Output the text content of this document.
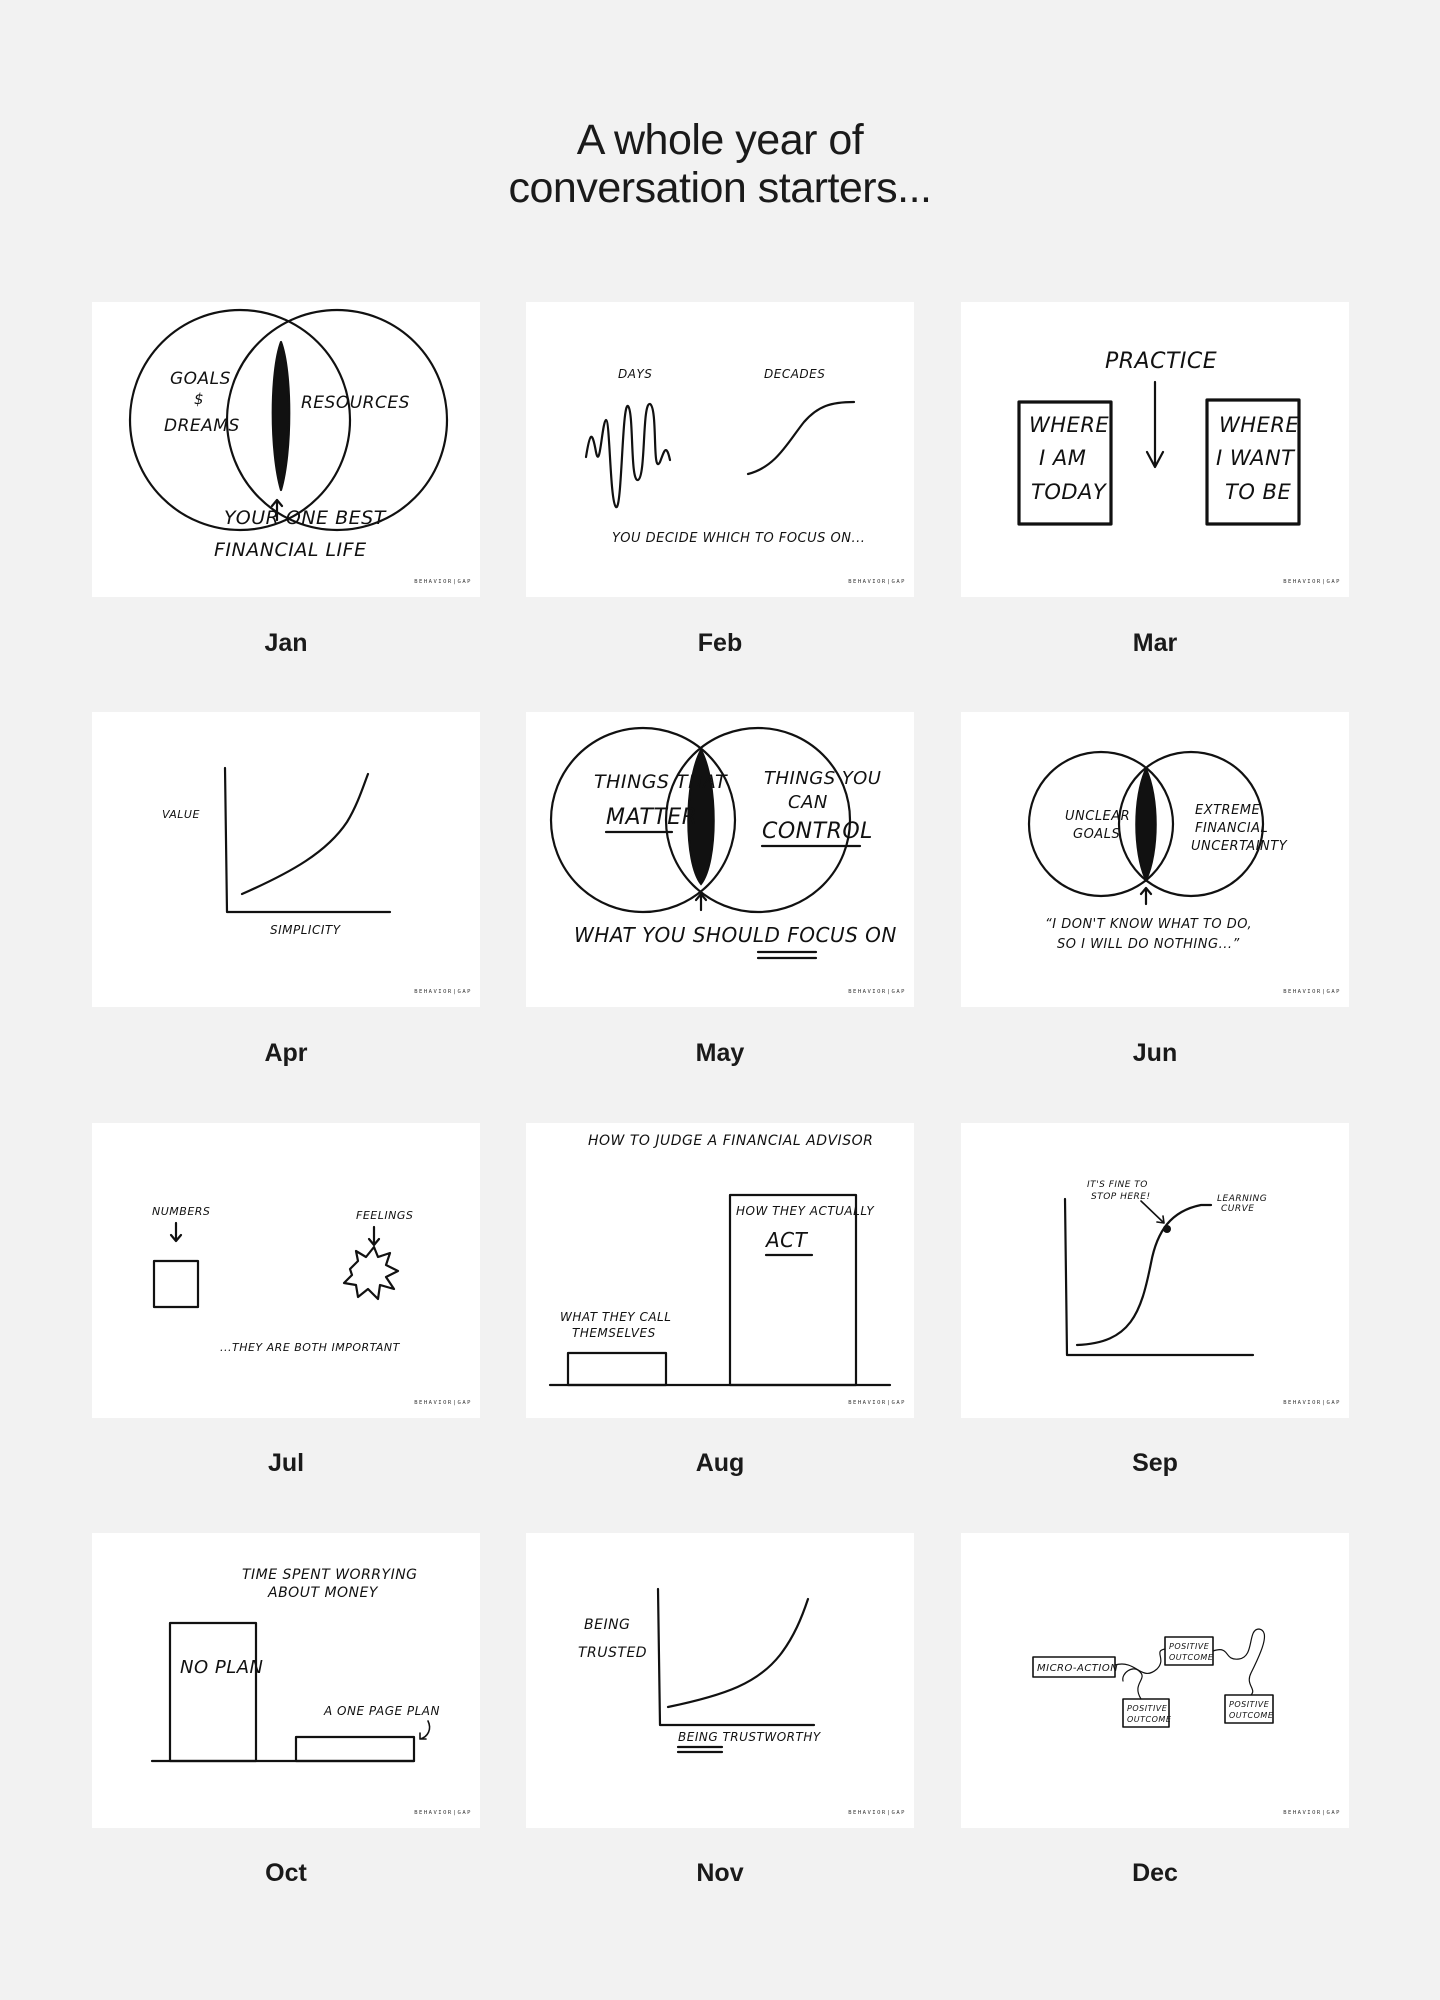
A whole year of
conversation starters...
GOALS
$
DREAMS
RESOURCES
YOUR ONE BEST
FINANCIAL LIFE
BEHAVIOR|GAP
DAYS	DECADES
YOU DECIDE WHICH TO FOCUS ON...
BEHAVIOR|GAP
PRACTICE
WHERE
I AM
TODAY
WHERE
I WANT
TO BE
BEHAVIOR|GAP
Jan	Feb	Mar
VALUE
SIMPLICITY
BEHAVIOR|GAP
THINGS THAT
MATTER
THINGS YOU
CAN
CONTROL
WHAT YOU SHOULD FOCUS ON
BEHAVIOR|GAP
UNCLEAR
GOALS
EXTREME
FINANCIAL
UNCERTAINTY
“I DON'T KNOW WHAT TO DO,
SO I WILL DO NOTHING...”
BEHAVIOR|GAP
Apr	May	Jun
NUMBERS	FEELINGS
...THEY ARE BOTH IMPORTANT
BEHAVIOR|GAP
HOW TO JUDGE A FINANCIAL ADVISOR
WHAT THEY CALL
THEMSELVES
HOW THEY ACTUALLY
ACT
BEHAVIOR|GAP
IT'S FINE TO
STOP HERE!	LEARNING
CURVE
BEHAVIOR|GAP
Jul	Aug	Sep
TIME SPENT WORRYING
ABOUT MONEY
NO PLAN
A ONE PAGE PLAN
BEHAVIOR|GAP
BEING
TRUSTED
BEING TRUSTWORTHY
BEHAVIOR|GAP
MICRO-ACTION
POSITIVE
OUTCOME
POSITIVE
OUTCOME
POSITIVE
OUTCOME
BEHAVIOR|GAP
Oct	Nov	Dec
